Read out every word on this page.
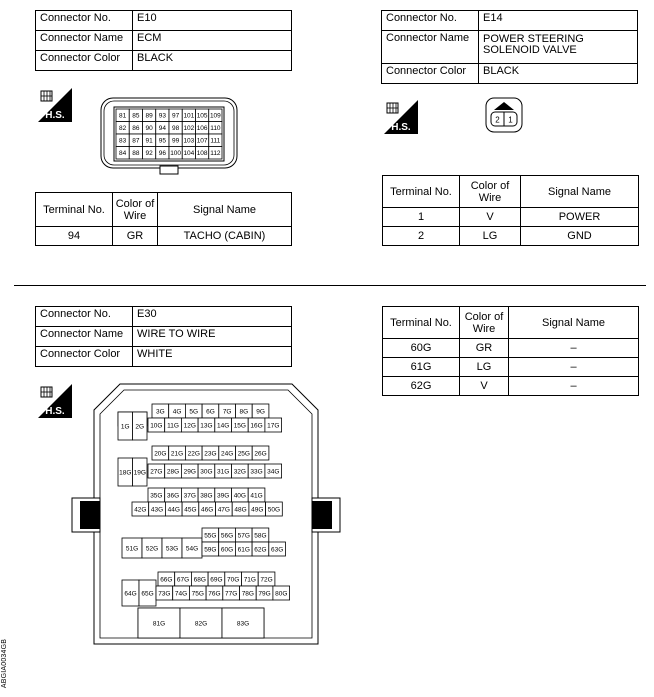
Connector No.	E10
Connector Name	ECM
Connector Color	BLACK
H.S.	81 85 89 93 97 101 105 109
82 86 90 94 98 102 106 110
83 87 91 95 99 103 107 111
84 88 92 96 100 104 108 112
Terminal No.	Color of Wire	Signal Name
94	GR	TACHO (CABIN)
Connector No.	E14
Connector Name	POWER STEERING SOLENOID VALVE
Connector Color	BLACK
H.S.
2 1
Terminal No.	Color of Wire	Signal Name
1	V	POWER
2	LG	GND
Connector No.	E30
Connector Name	WIRE TO WIRE
Connector Color	WHITE
Terminal No.	Color of Wire	Signal Name
60G	GR	–
61G	LG	–
62G	V	–
H.S.
1G 2G
3G 4G 5G 6G 7G 8G 9G
10G 11G 12G 13G 14G 15G 16G 17G
18G 19G
20G 21G 22G 23G 24G 25G 26G
27G 28G 29G 30G 31G 32G 33G 34G
35G 36G 37G 38G 39G 40G 41G
42G 43G 44G 45G 46G 47G 48G 49G 50G
51G 52G 53G 54G
55G 56G 57G 58G
59G 60G 61G 62G 63G
64G 65G
66G 67G 68G 69G 70G 71G 72G
73G 74G 75G 76G 77G 78G 79G 80G
81G	82G	83G
ABGIA0034GB
